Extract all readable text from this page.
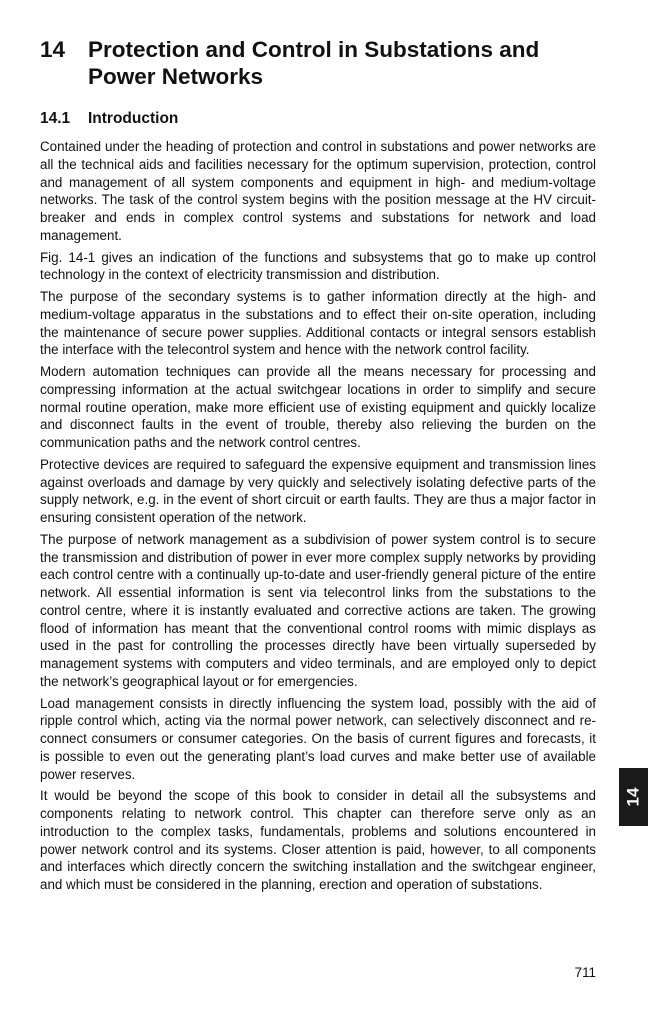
14	Protection and Control in Substations and Power Networks
14.1	Introduction

Contained under the heading of protection and control in substations and power networks are all the technical aids and facilities necessary for the optimum supervision, protection, control and management of all system components and equipment in high- and medium-voltage networks. The task of the control system begins with the position message at the HV circuit-breaker and ends in complex control systems and substations for network and load management.

Fig. 14-1 gives an indication of the functions and subsystems that go to make up control technology in the context of electricity transmission and distribution.

The purpose of the secondary systems is to gather information directly at the high- and medium-voltage apparatus in the substations and to effect their on-site operation, including the maintenance of secure power supplies. Additional contacts or integral sensors establish the interface with the telecontrol system and hence with the network control facility.

Modern automation techniques can provide all the means necessary for processing and compressing information at the actual switchgear locations in order to simplify and secure normal routine operation, make more efficient use of existing equipment and quickly localize and disconnect faults in the event of trouble, thereby also relieving the burden on the communication paths and the network control centres.

Protective devices are required to safeguard the expensive equipment and transmission lines against overloads and damage by very quickly and selectively isolating defective parts of the supply network, e.g. in the event of short circuit or earth faults. They are thus a major factor in ensuring consistent operation of the network.

The purpose of network management as a subdivision of power system control is to secure the transmission and distribution of power in ever more complex supply networks by providing each control centre with a continually up-to-date and user-friendly general picture of the entire network. All essential information is sent via telecontrol links from the substations to the control centre, where it is instantly evaluated and corrective actions are taken. The growing flood of information has meant that the conventional control rooms with mimic displays as used in the past for controlling the processes directly have been virtually superseded by management systems with computers and video terminals, and are employed only to depict the network’s geographical layout or for emergencies.

Load management consists in directly influencing the system load, possibly with the aid of ripple control which, acting via the normal power network, can selectively disconnect and re-connect consumers or consumer categories. On the basis of current figures and forecasts, it is possible to even out the generating plant’s load curves and make better use of available power reserves.

It would be beyond the scope of this book to consider in detail all the subsystems and components relating to network control. This chapter can therefore serve only as an introduction to the complex tasks, fundamentals, problems and solutions encountered in power network control and its systems. Closer attention is paid, however, to all components and interfaces which directly concern the switching installation and the switchgear engineer, and which must be considered in the planning, erection and operation of substations.

14
711
